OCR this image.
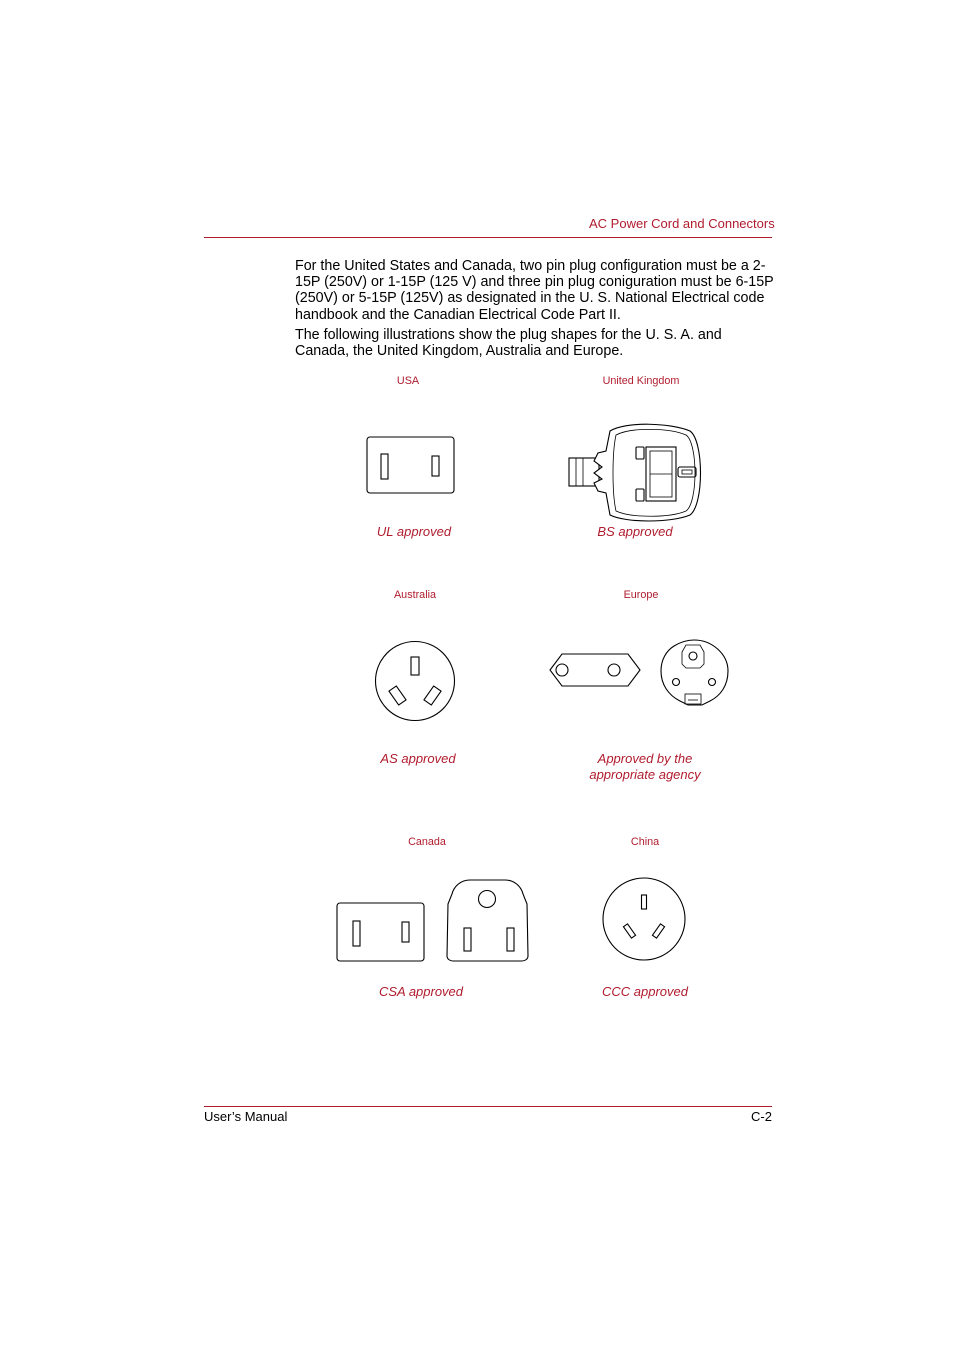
AC Power Cord and Connectors

For the United States and Canada, two pin plug configuration must be a 2-15P (250V) or 1-15P (125 V) and three pin plug coniguration must be 6-15P (250V) or 5-15P (125V) as designated in the U. S. National Electrical code handbook and the Canadian Electrical Code Part II.

The following illustrations show the plug shapes for the U. S. A. and Canada, the United Kingdom, Australia and Europe.

USA
UL approved
United Kingdom
BS approved
Australia
AS approved
Europe
Approved by the
appropriate agency
Canada
CSA approved
China
CCC approved
User’s Manual	C-2
